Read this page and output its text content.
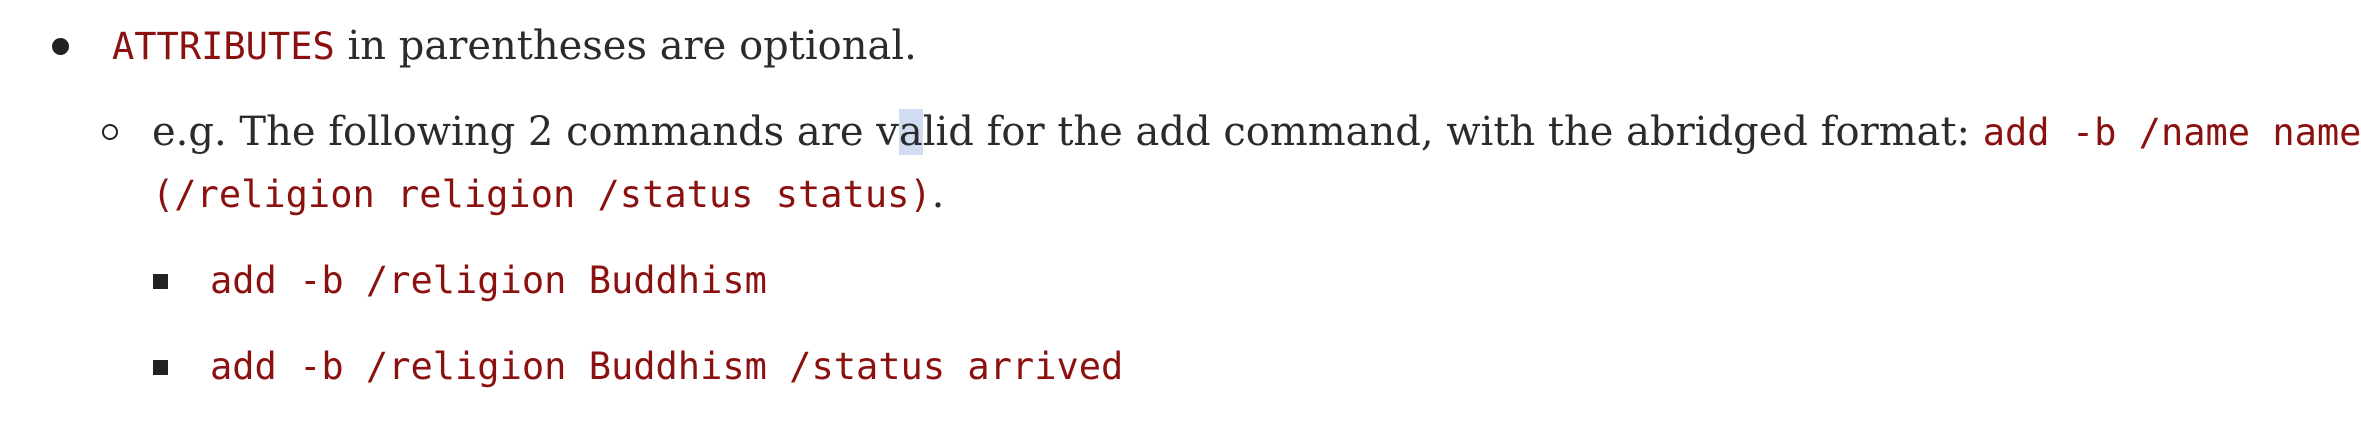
ATTRIBUTES in parentheses are optional.
e.g. The following 2 commands are valid for the add command, with the abridged format: add -b /name name
(/religion religion /status status).
add -b /religion Buddhism
add -b /religion Buddhism /status arrived
